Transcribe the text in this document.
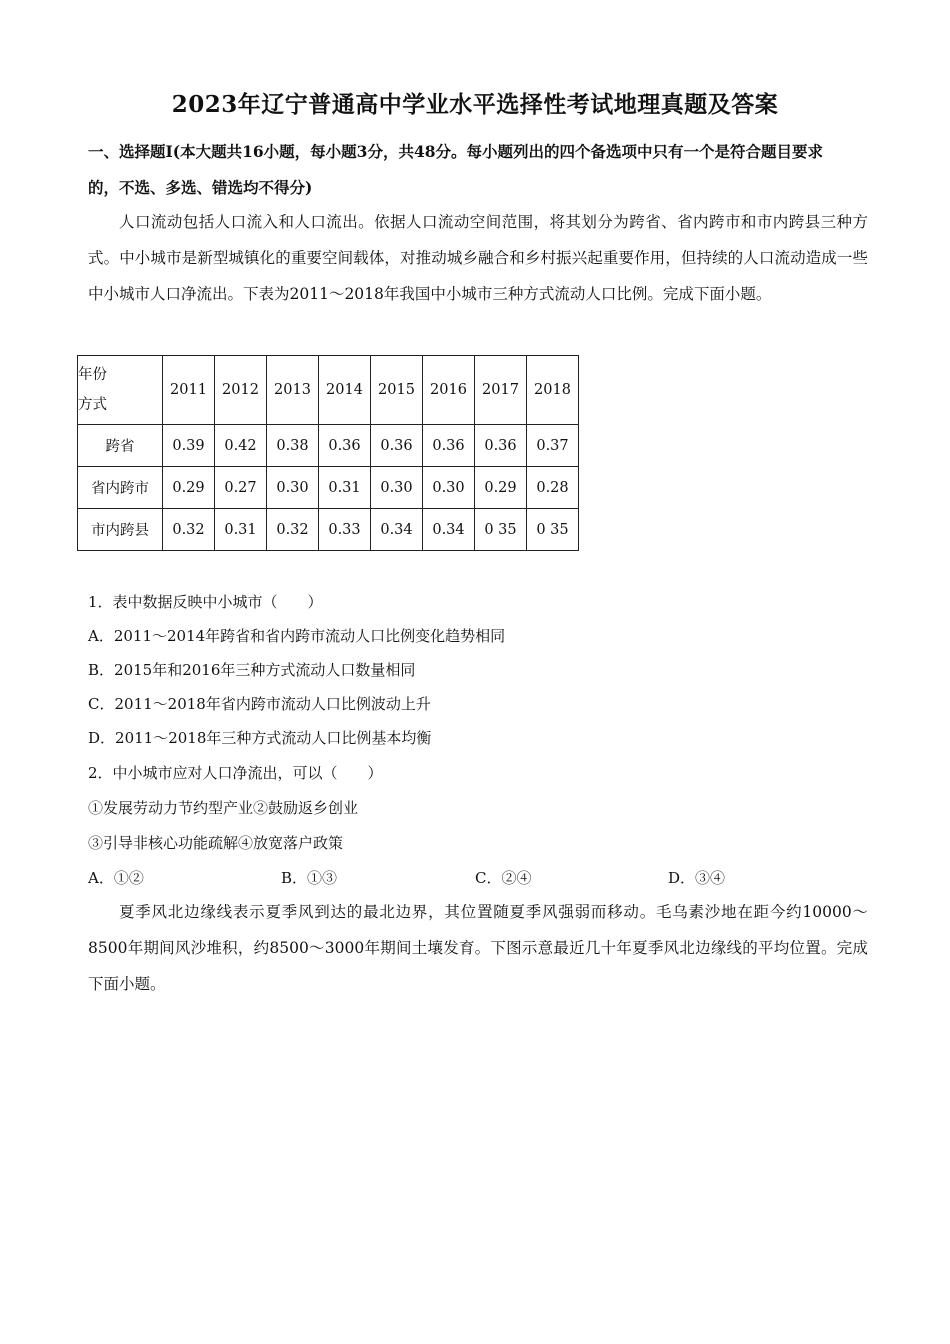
2023年辽宁普通高中学业水平选择性考试地理真题及答案
一、选择题Ⅰ(本大题共16小题，每小题3分，共48分。每小题列出的四个备选项中只有一个是符合题目要求
的，不选、多选、错选均不得分)
人口流动包括人口流入和人口流出。依据人口流动空间范围，将其划分为跨省、省内跨市和市内跨县三种方式。中小城市是新型城镇化的重要空间载体，对推动城乡融合和乡村振兴起重要作用，但持续的人口流动造成一些中小城市人口净流出。下表为2011～2018年我国中小城市三种方式流动人口比例。完成下面小题。
年份
方式	2011	2012	2013	2014	2015	2016	2017	2018
跨省	0.39	0.42	0.38	0.36	0.36	0.36	0.36	0.37
省内跨市	0.29	0.27	0.30	0.31	0.30	0.30	0.29	0.28
市内跨县	0.32	0.31	0.32	0.33	0.34	0.34	0 35	0 35
1．表中数据反映中小城市（　　）
A．2011～2014年跨省和省内跨市流动人口比例变化趋势相同
B．2015年和2016年三种方式流动人口数量相同
C．2011～2018年省内跨市流动人口比例波动上升
D．2011～2018年三种方式流动人口比例基本均衡
2．中小城市应对人口净流出，可以（　　）
①发展劳动力节约型产业②鼓励返乡创业
③引导非核心功能疏解④放宽落户政策
A．①②	B．①③	C．②④	D．③④
夏季风北边缘线表示夏季风到达的最北边界，其位置随夏季风强弱而移动。毛乌素沙地在距今约10000～8500年期间风沙堆积，约8500～3000年期间土壤发育。下图示意最近几十年夏季风北边缘线的平均位置。完成下面小题。
